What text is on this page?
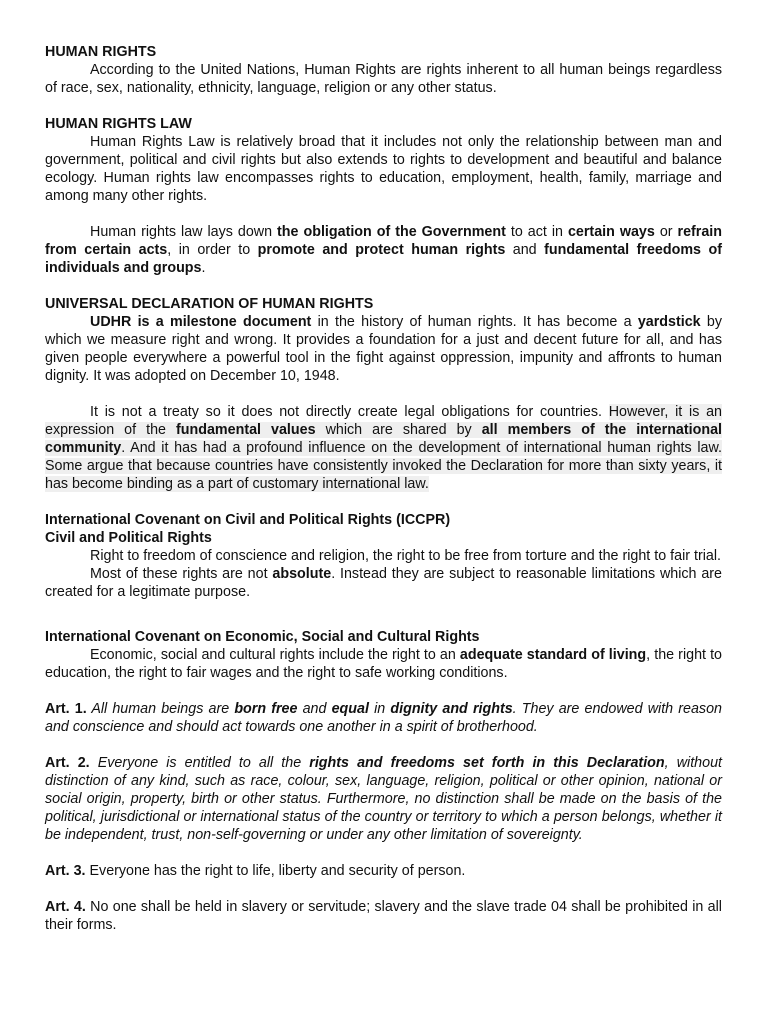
HUMAN RIGHTS

According to the United Nations, Human Rights are rights inherent to all human beings regardless of race, sex, nationality, ethnicity, language, religion or any other status.

HUMAN RIGHTS LAW

Human Rights Law is relatively broad that it includes not only the relationship between man and government, political and civil rights but also extends to rights to development and beautiful and balance ecology. Human rights law encompasses rights to education, employment, health, family, marriage and among many other rights.

Human rights law lays down the obligation of the Government to act in certain ways or refrain from certain acts, in order to promote and protect human rights and fundamental freedoms of individuals and groups.

UNIVERSAL DECLARATION OF HUMAN RIGHTS

UDHR is a milestone document in the history of human rights. It has become a yardstick by which we measure right and wrong. It provides a foundation for a just and decent future for all, and has given people everywhere a powerful tool in the fight against oppression, impunity and affronts to human dignity. It was adopted on December 10, 1948.

It is not a treaty so it does not directly create legal obligations for countries. However, it is an expression of the fundamental values which are shared by all members of the international community. And it has had a profound influence on the development of international human rights law. Some argue that because countries have consistently invoked the Declaration for more than sixty years, it has become binding as a part of customary international law.

International Covenant on Civil and Political Rights (ICCPR)

Civil and Political Rights

Right to freedom of conscience and religion, the right to be free from torture and the right to fair trial.

Most of these rights are not absolute. Instead they are subject to reasonable limitations which are created for a legitimate purpose.

International Covenant on Economic, Social and Cultural Rights

Economic, social and cultural rights include the right to an adequate standard of living, the right to education, the right to fair wages and the right to safe working conditions.

Art. 1. All human beings are born free and equal in dignity and rights. They are endowed with reason and conscience and should act towards one another in a spirit of brotherhood.

Art. 2. Everyone is entitled to all the rights and freedoms set forth in this Declaration, without distinction of any kind, such as race, colour, sex, language, religion, political or other opinion, national or social origin, property, birth or other status. Furthermore, no distinction shall be made on the basis of the political, jurisdictional or international status of the country or territory to which a person belongs, whether it be independent, trust, non-self-governing or under any other limitation of sovereignty.

Art. 3. Everyone has the right to life, liberty and security of person.

Art. 4. No one shall be held in slavery or servitude; slavery and the slave trade 04 shall be prohibited in all their forms.
